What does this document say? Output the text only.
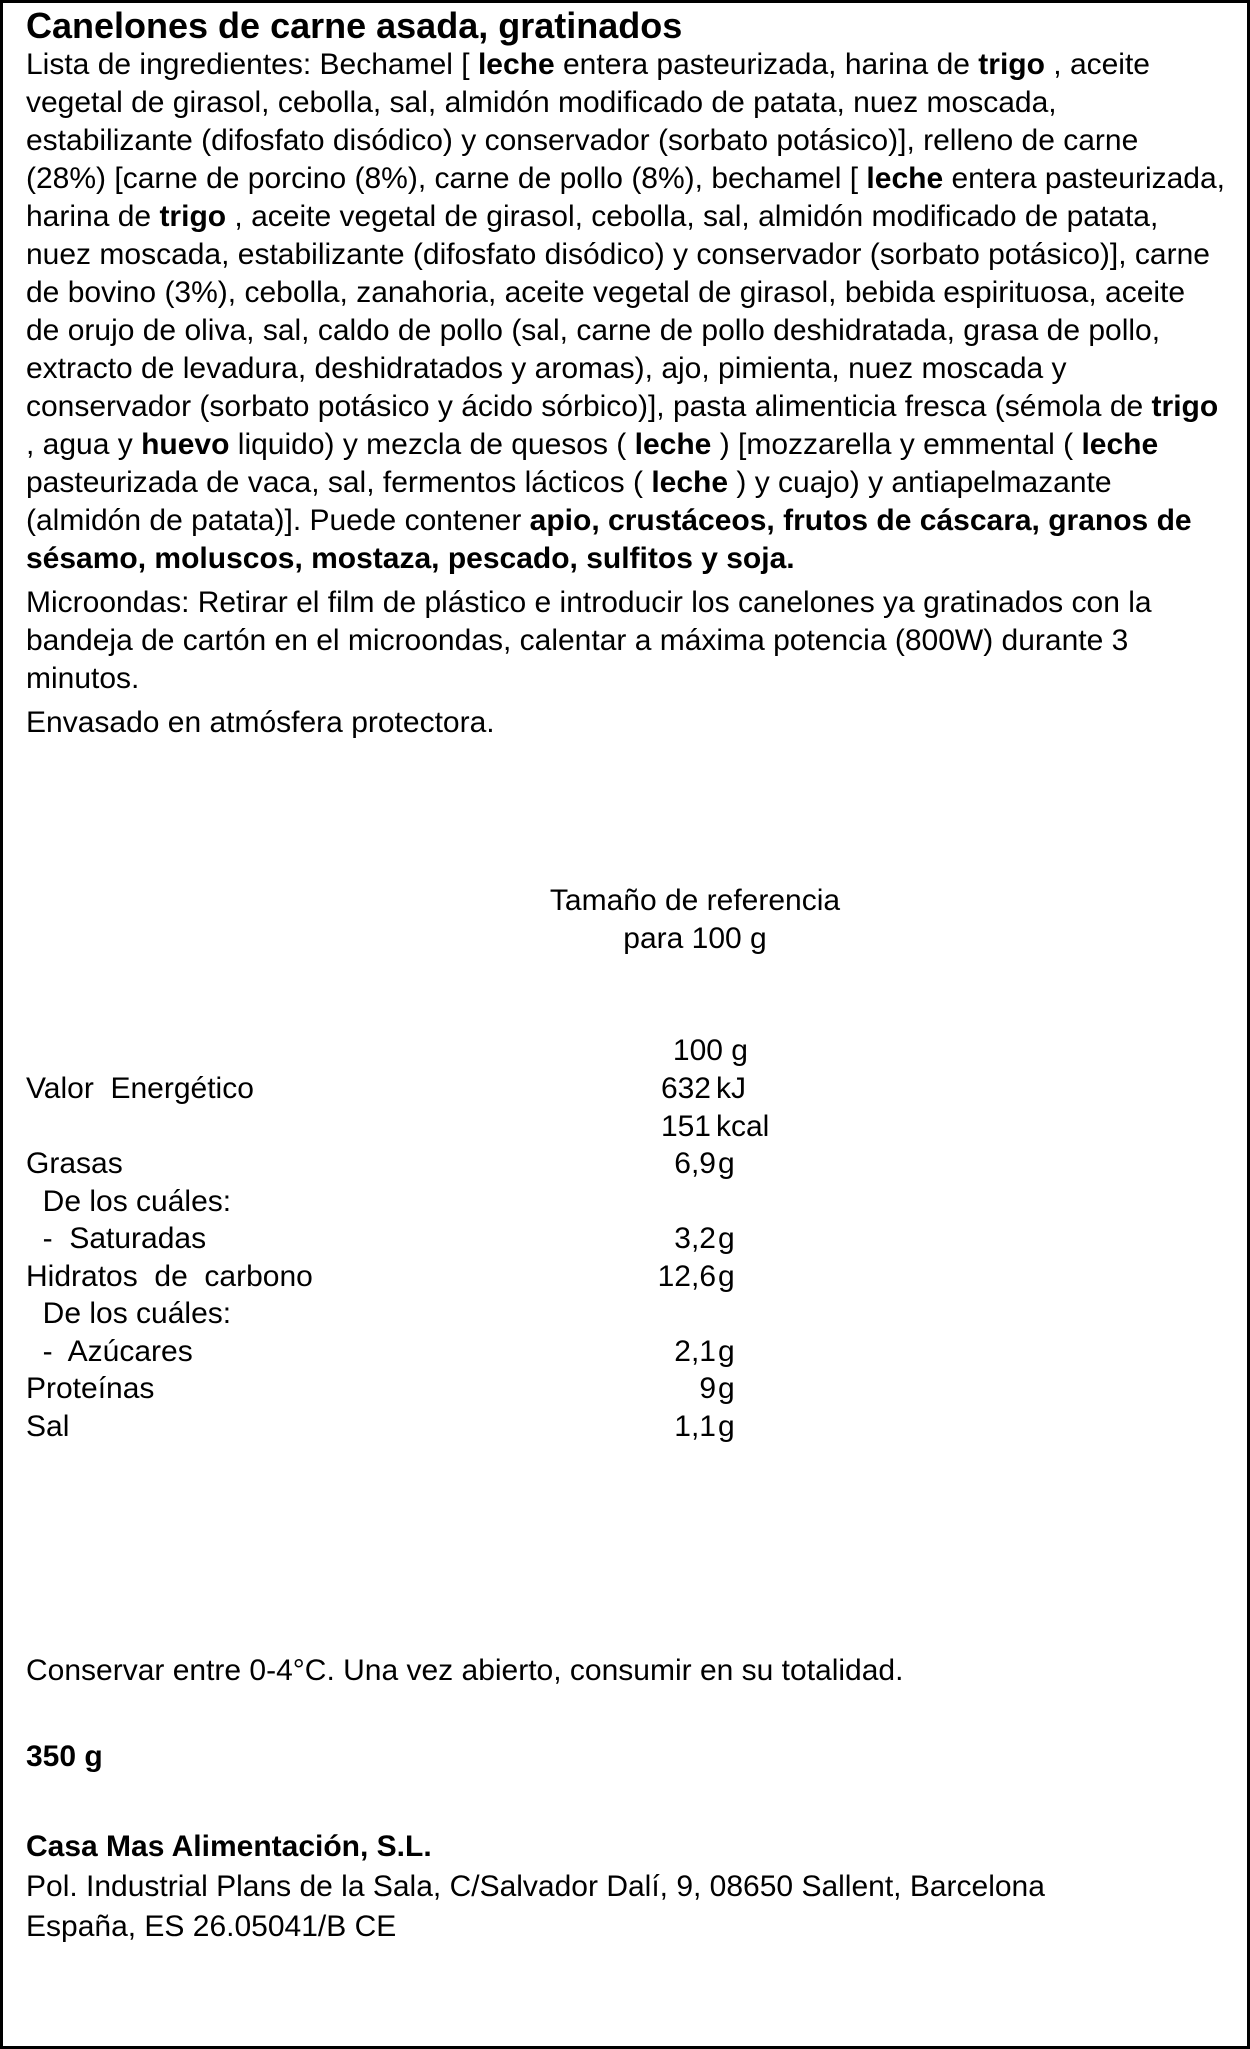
Canelones de carne asada, gratinados

Lista de ingredientes: Bechamel [ leche entera pasteurizada, harina de trigo , aceite vegetal de girasol, cebolla, sal, almidón modificado de patata, nuez moscada, estabilizante (difosfato disódico) y conservador (sorbato potásico)], relleno de carne (28%) [carne de porcino (8%), carne de pollo (8%), bechamel [ leche entera pasteurizada, harina de trigo , aceite vegetal de girasol, cebolla, sal, almidón modificado de patata, nuez moscada, estabilizante (difosfato disódico) y conservador (sorbato potásico)], carne de bovino (3%), cebolla, zanahoria, aceite vegetal de girasol, bebida espirituosa, aceite de orujo de oliva, sal, caldo de pollo (sal, carne de pollo deshidratada, grasa de pollo, extracto de levadura, deshidratados y aromas), ajo, pimienta, nuez moscada y conservador (sorbato potásico y ácido sórbico)], pasta alimenticia fresca (sémola de trigo , agua y huevo liquido) y mezcla de quesos ( leche ) [mozzarella y emmental ( leche pasteurizada de vaca, sal, fermentos lácticos ( leche ) y cuajo) y antiapelmazante (almidón de patata)]. Puede contener apio, crustáceos, frutos de cáscara, granos de sésamo, moluscos, mostaza, pescado, sulfitos y soja.

Microondas: Retirar el film de plástico e introducir los canelones ya gratinados con la bandeja de cartón en el microondas, calentar a máxima potencia (800W) durante 3 minutos.

Envasado en atmósfera protectora.

Tamaño de referencia
para 100 g
100 g
Valor  Energético	632 kJ
151 kcal
Grasas	6,9 g
De los cuáles:
-  Saturadas	3,2 g
Hidratos  de  carbono	12,6 g
De los cuáles:
-  Azúcares	2,1 g
Proteínas	9 g
Sal	1,1 g
Conservar entre 0-4°C. Una vez abierto, consumir en su totalidad.
350 g
Casa Mas Alimentación, S.L.
Pol. Industrial Plans de la Sala, C/Salvador Dalí, 9, 08650 Sallent, Barcelona
España, ES 26.05041/B CE
